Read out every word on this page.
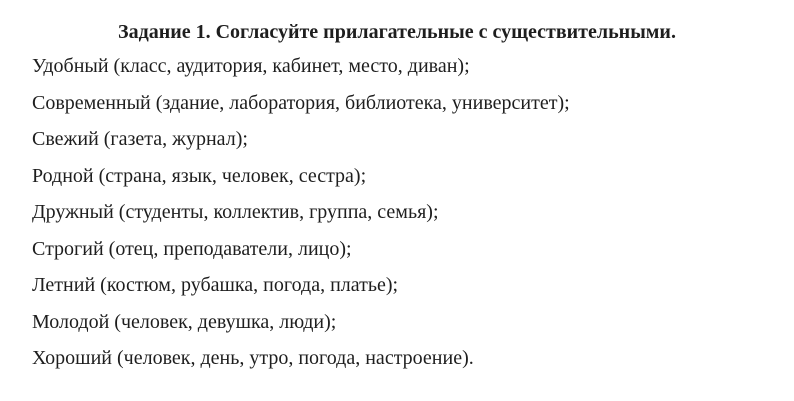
Задание 1. Согласуйте прилагательные с существительными.
Удобный (класс, аудитория, кабинет, место, диван);
Современный (здание, лаборатория, библиотека, университет);
Свежий (газета, журнал);
Родной (страна, язык, человек, сестра);
Дружный (студенты, коллектив, группа, семья);
Строгий (отец, преподаватели, лицо);
Летний (костюм, рубашка, погода, платье);
Молодой (человек, девушка, люди);
Хороший (человек, день, утро, погода, настроение).
